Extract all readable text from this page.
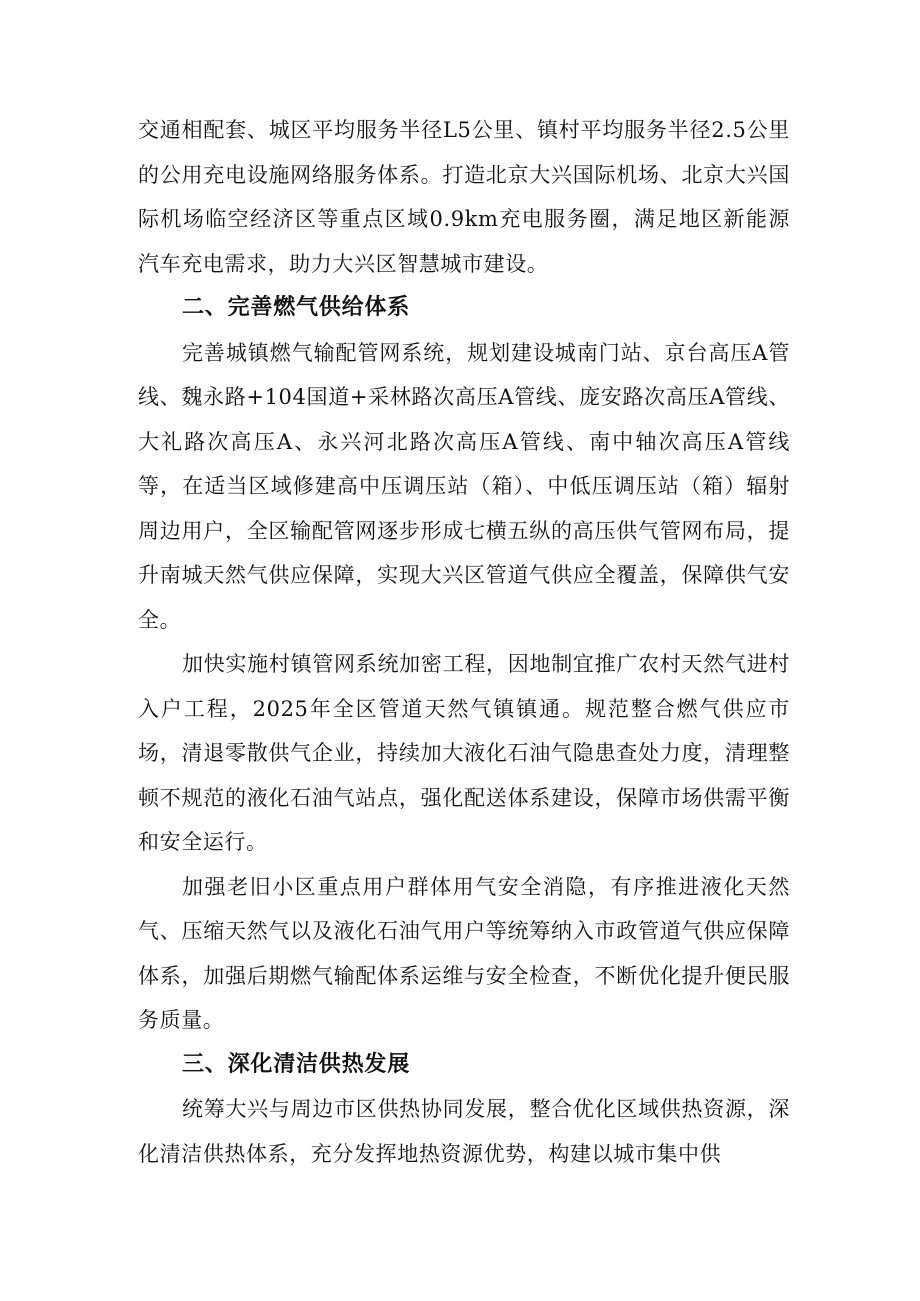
交通相配套、城区平均服务半径L5公里、镇村平均服务半径2.5公里的公用充电设施网络服务体系。打造北京大兴国际机场、北京大兴国际机场临空经济区等重点区域0.9km充电服务圈，满足地区新能源汽车充电需求，助力大兴区智慧城市建设。

二、完善燃气供给体系

完善城镇燃气输配管网系统，规划建设城南门站、京台高压A管线、魏永路+104国道+采林路次高压A管线、庞安路次高压A管线、大礼路次高压A、永兴河北路次高压A管线、南中轴次高压A管线等，在适当区域修建高中压调压站（箱）、中低压调压站（箱）辐射周边用户，全区输配管网逐步形成七横五纵的高压供气管网布局，提升南城天然气供应保障，实现大兴区管道气供应全覆盖，保障供气安全。

加快实施村镇管网系统加密工程，因地制宜推广农村天然气进村入户工程，2025年全区管道天然气镇镇通。规范整合燃气供应市场，清退零散供气企业，持续加大液化石油气隐患查处力度，清理整顿不规范的液化石油气站点，强化配送体系建设，保障市场供需平衡和安全运行。

加强老旧小区重点用户群体用气安全消隐，有序推进液化天然气、压缩天然气以及液化石油气用户等统筹纳入市政管道气供应保障体系，加强后期燃气输配体系运维与安全检查，不断优化提升便民服务质量。

三、深化清洁供热发展

统筹大兴与周边市区供热协同发展，整合优化区域供热资源，深化清洁供热体系，充分发挥地热资源优势，构建以城市集中供
